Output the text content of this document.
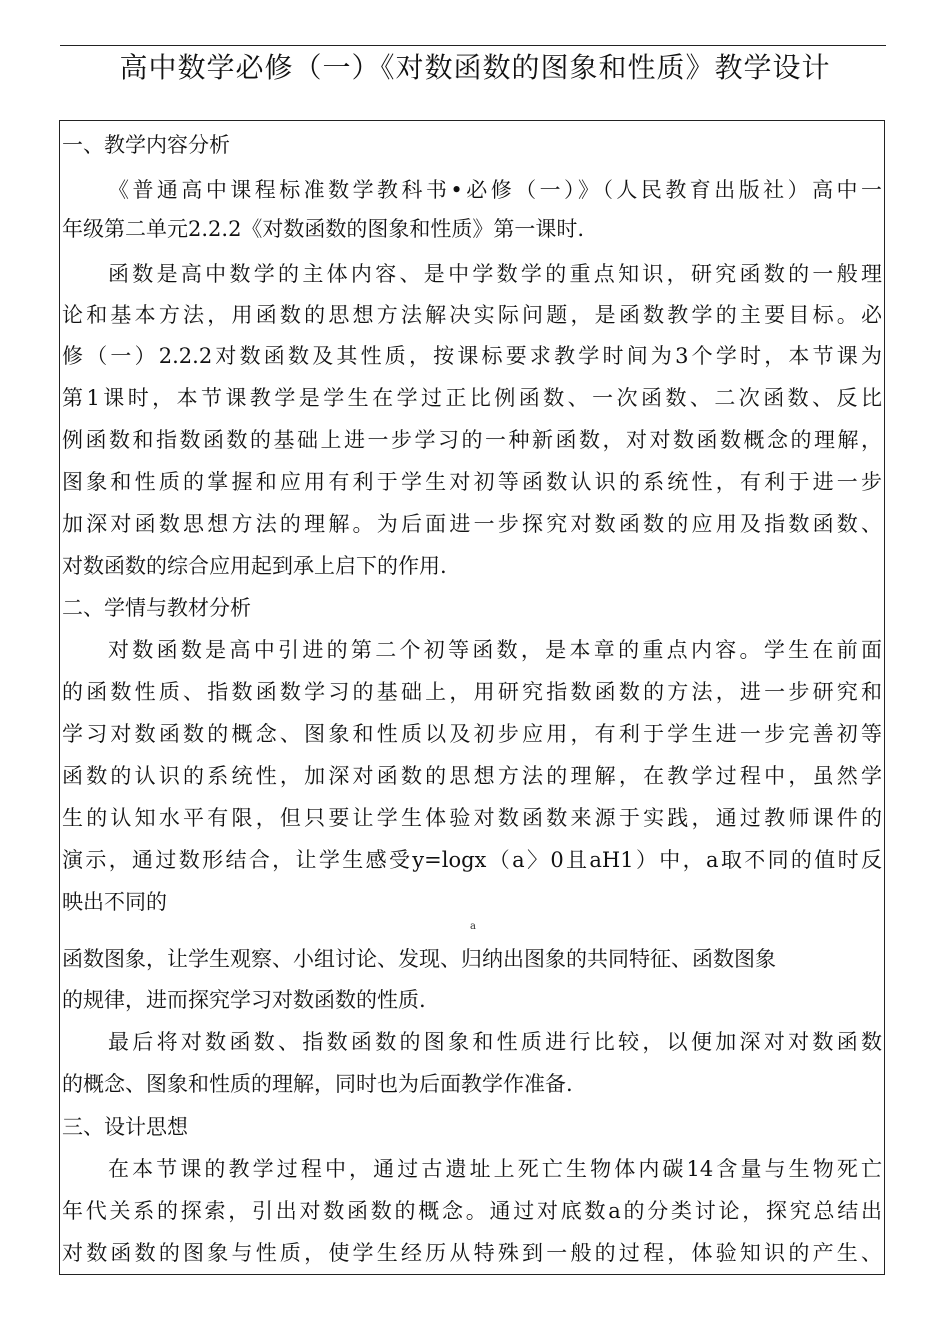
高中数学必修（一）《对数函数的图象和性质》教学设计
一、教学内容分析
《普通高中课程标准数学教科书•必修（一）》（人民教育出版社）高中一
年级第二单元2.2.2《对数函数的图象和性质》第一课时.
函数是高中数学的主体内容、是中学数学的重点知识，研究函数的一般理
论和基本方法，用函数的思想方法解决实际问题，是函数教学的主要目标。必
修（一）2.2.2对数函数及其性质，按课标要求教学时间为3个学时，本节课为
第1课时，本节课教学是学生在学过正比例函数、一次函数、二次函数、反比
例函数和指数函数的基础上进一步学习的一种新函数，对对数函数概念的理解，
图象和性质的掌握和应用有利于学生对初等函数认识的系统性，有利于进一步
加深对函数思想方法的理解。为后面进一步探究对数函数的应用及指数函数、
对数函数的综合应用起到承上启下的作用.
二、学情与教材分析
对数函数是高中引进的第二个初等函数，是本章的重点内容。学生在前面
的函数性质、指数函数学习的基础上，用研究指数函数的方法，进一步研究和
学习对数函数的概念、图象和性质以及初步应用，有利于学生进一步完善初等
函数的认识的系统性，加深对函数的思想方法的理解，在教学过程中，虽然学
生的认知水平有限，但只要让学生体验对数函数来源于实践，通过教师课件的
演示，通过数形结合，让学生感受y=logx（a〉0且aH1）中，a取不同的值时反
映出不同的
a
函数图象，让学生观察、小组讨论、发现、归纳出图象的共同特征、函数图象
的规律，进而探究学习对数函数的性质.
最后将对数函数、指数函数的图象和性质进行比较，以便加深对对数函数
的概念、图象和性质的理解，同时也为后面教学作准备.
三、设计思想
在本节课的教学过程中，通过古遗址上死亡生物体内碳14含量与生物死亡
年代关系的探索，引出对数函数的概念。通过对底数a的分类讨论，探究总结出
对数函数的图象与性质，使学生经历从特殊到一般的过程，体验知识的产生、
